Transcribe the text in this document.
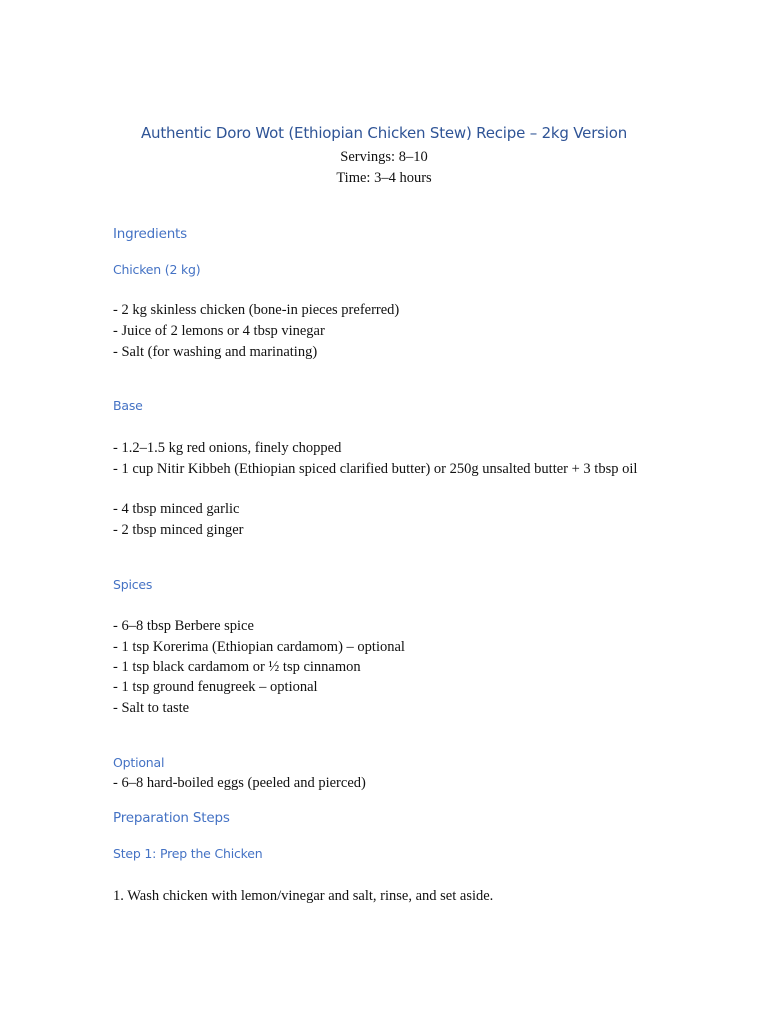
Authentic Doro Wot (Ethiopian Chicken Stew) Recipe – 2kg Version
Servings: 8–10
Time: 3–4 hours
Ingredients
Chicken (2 kg)
- 2 kg skinless chicken (bone-in pieces preferred)
- Juice of 2 lemons or 4 tbsp vinegar
- Salt (for washing and marinating)
Base
- 1.2–1.5 kg red onions, finely chopped
- 1 cup Nitir Kibbeh (Ethiopian spiced clarified butter) or 250g unsalted butter + 3 tbsp oil
- 4 tbsp minced garlic
- 2 tbsp minced ginger
Spices
- 6–8 tbsp Berbere spice
- 1 tsp Korerima (Ethiopian cardamom) – optional
- 1 tsp black cardamom or ½ tsp cinnamon
- 1 tsp ground fenugreek – optional
- Salt to taste
Optional
- 6–8 hard-boiled eggs (peeled and pierced)
Preparation Steps
Step 1: Prep the Chicken
1. Wash chicken with lemon/vinegar and salt, rinse, and set aside.
